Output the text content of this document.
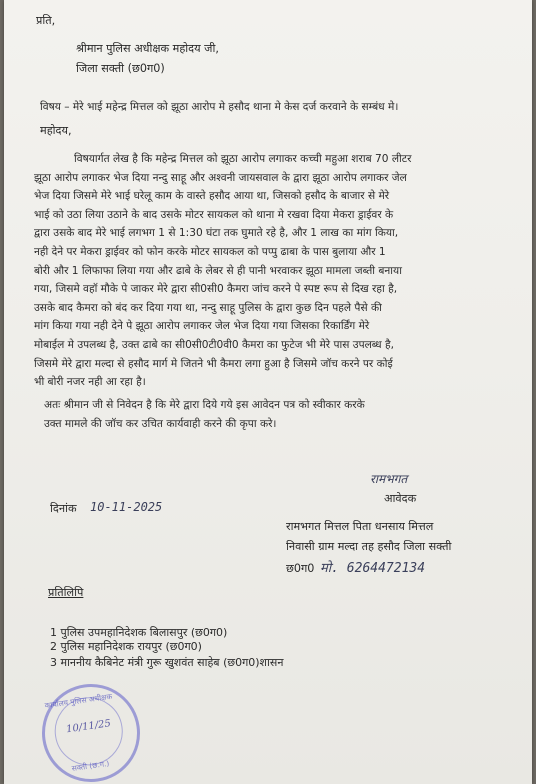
प्रति,
श्रीमान पुलिस अधीक्षक महोदय जी,
जिला सक्ती (छ0ग0)
विषय – मेरे भाई महेन्द्र मित्तल को झूठा आरोप मे हसौद थाना मे केस दर्ज करवाने के सम्बंध मे।
महोदय,
विषयार्गत लेख है कि महेन्द्र मित्तल को झूठा आरोप लगाकर कच्ची महुआ शराब 70 लीटर
झूठा आरोप लगाकर भेज दिया नन्दु साहू और अश्वनी जायसवाल के द्वारा झूठा आरोप लगाकर जेल
भेज दिया जिसमे मेरे भाई घरेलू काम के वास्ते हसौद आया था, जिसको हसौद के बाजार से मेरे
भाई को उठा लिया उठाने के बाद उसके मोटर सायकल को थाना मे रखवा दिया मेकरा ड्राईवर के
द्वारा उसके बाद मेरे भाई लगभग 1 से 1:30 घंटा तक घुमाते रहे है, और 1 लाख का मांग किया,
नही देने पर मेकरा ड्राईवर को फोन करके मोटर सायकल को पप्पु ढाबा के पास बुलाया और 1
बोरी और 1 लिफाफा लिया गया और ढाबे के लेबर से ही पानी भरवाकर झूठा मामला जब्ती बनाया
गया, जिसमे वहॉ मौके पे जाकर मेरे द्वारा सी0सी0 कैमरा जांच करने पे स्पष्ट रूप से दिख रहा है,
उसके बाद कैमरा को बंद कर दिया गया था, नन्दु साहू पुलिस के द्वारा कुछ दिन पहले पैसे की
मांग किया गया नही देने पे झूठा आरोप लगाकर जेल भेज दिया गया जिसका रिकार्डिंग मेरे
मोबाईल मे उपलब्ध है, उक्त ढाबे का सी0सी0टी0वी0 कैमरा का फुटेज भी मेरे पास उपलब्ध है,
जिसमे मेरे द्वारा मल्दा से हसौद मार्ग मे जितने भी कैमरा लगा हुआ है जिसमे जॉच करने पर कोई
भी बोरी नजर नही आ रहा है।
अतः श्रीमान जी से निवेदन है कि मेरे द्वारा दिये गये इस आवेदन पत्र को स्वीकार करके
उक्त मामले की जॉच कर उचित कार्यवाही करने की कृपा करे।
रामभगत
आवेदक
दिनांक 10-11-2025
रामभगत मित्तल पिता धनसाय मित्तल
निवासी ग्राम मल्दा तह हसौद जिला सक्ती
छ0ग0 मो. 6264472134
प्रतिलिपि
1 पुलिस उपमहानिदेशक बिलासपुर (छ0ग0)
2 पुलिस महानिदेशक रायपुर (छ0ग0)
3 माननीय कैबिनेट मंत्री गुरू खुशवंत साहेब (छ0ग0)शासन
कार्यालय पुलिस अधीक्षक
सक्ती (छ.ग.)
10/11/25
